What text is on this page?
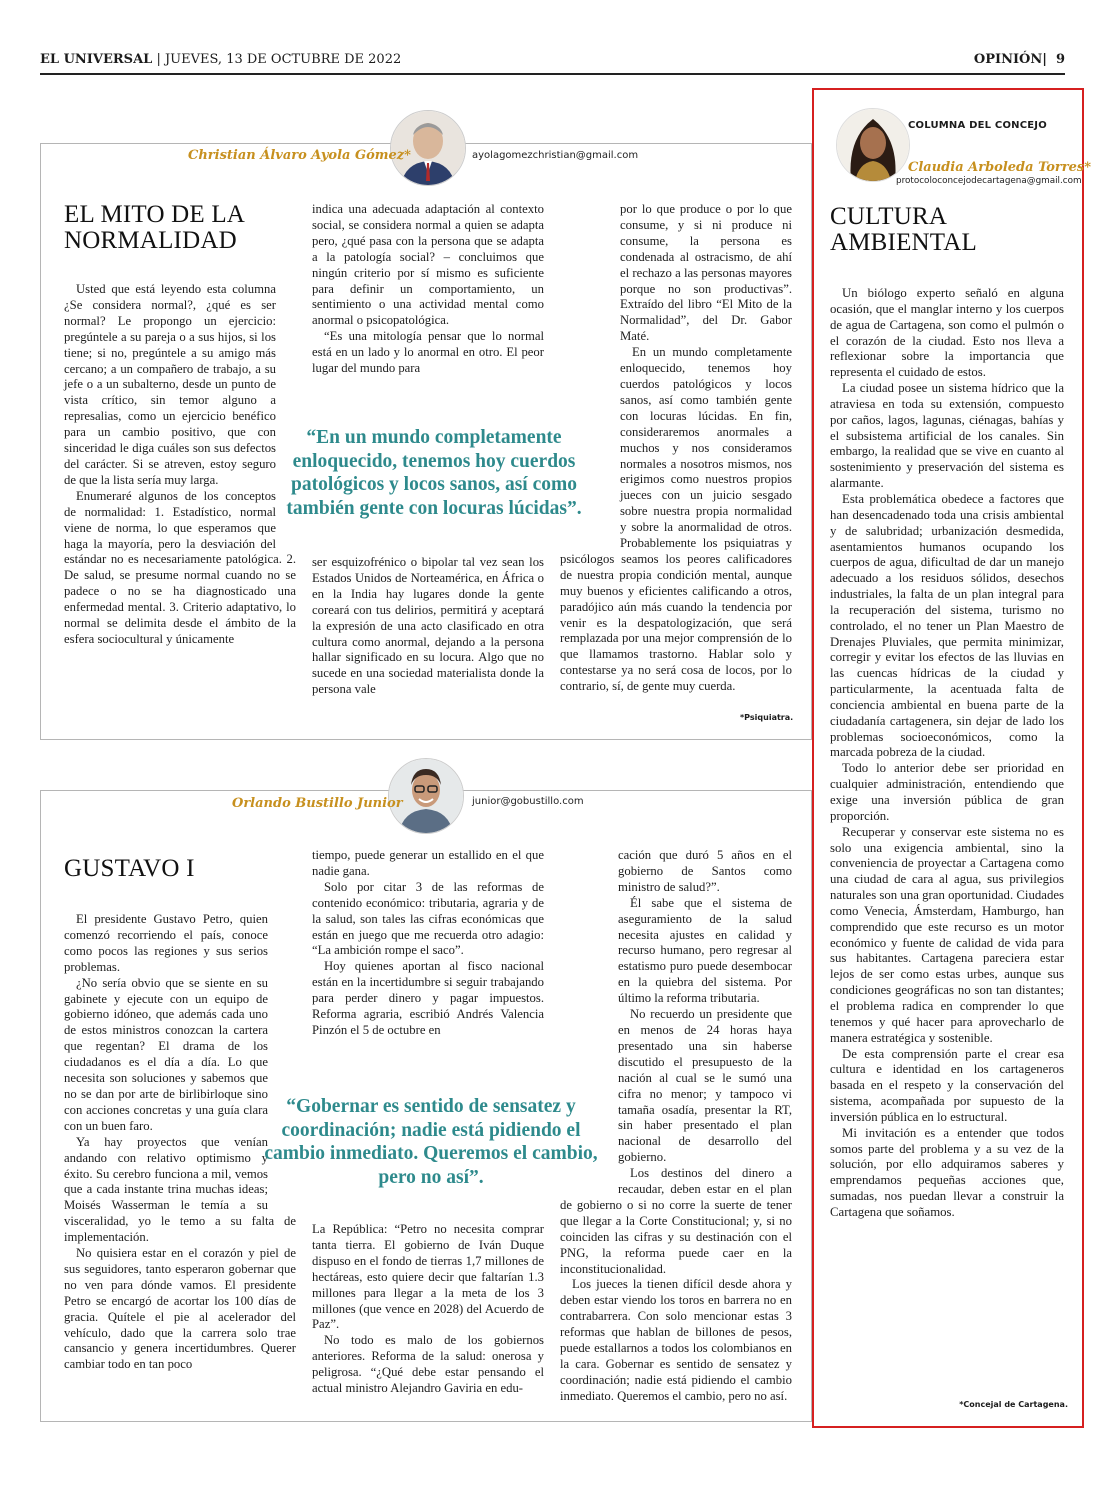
EL UNIVERSAL | JUEVES, 13 DE OCTUBRE DE 2022	OPINIÓN| 9
Christian Álvaro Ayola Gómez*	ayolagomezchristian@gmail.com
EL MITO DE LA
NORMALIDAD

Usted que está leyendo esta columna ¿Se considera normal?, ¿qué es ser normal? Le propongo un ejercicio: pregúntele a su pareja o a sus hijos, si los tiene; si no, pregúntele a su amigo más cercano; a un compañero de trabajo, a su jefe o a un subalterno, desde un punto de vista crítico, sin temor alguno a represalias, como un ejercicio benéfico para un cambio positivo, que con sinceridad le diga cuáles son sus defectos del carácter. Si se atreven, estoy seguro de que la lista sería muy larga.

Enumeraré algunos de los conceptos de normalidad: 1. Estadístico, normal viene de norma, lo que esperamos que haga la mayoría, pero la desviación del estándar no es necesariamente patológica. 2. De salud, se presume normal cuando no se padece o no se ha diagnosticado una enfermedad mental. 3. Criterio adaptativo, lo normal se delimita desde el ámbito de la esfera sociocultural y únicamente

indica una adecuada adaptación al contexto social, se considera normal a quien se adapta pero, ¿qué pasa con la persona que se adapta a la patología social? – concluimos que ningún criterio por sí mismo es suficiente para definir un comportamiento, un sentimiento o una actividad mental como anormal o psicopatológica.

“Es una mitología pensar que lo normal está en un lado y lo anormal en otro. El peor lugar del mundo para

“En un mundo completamente enloquecido, tenemos hoy cuerdos patológicos y locos sanos, así como también gente con locuras lúcidas”.

ser esquizofrénico o bipolar tal vez sean los Estados Unidos de Norteamérica, en África o en la India hay lugares donde la gente coreará con tus delirios, permitirá y aceptará la expresión de una acto clasificado en otra cultura como anormal, dejando a la persona hallar significado en su locura. Algo que no sucede en una sociedad materialista donde la persona vale

por lo que produce o por lo que consume, y si ni produce ni consume, la persona es condenada al ostracismo, de ahí el rechazo a las personas mayores porque no son productivas”. Extraído del libro “El Mito de la Normalidad”, del Dr. Gabor Maté.

En un mundo completamente enloquecido, tenemos hoy cuerdos patológicos y locos sanos, así como también gente con locuras lúcidas. En fin, consideraremos anormales a muchos y nos consideramos normales a nosotros mismos, nos erigimos como nuestros propios jueces con un juicio sesgado sobre nuestra propia normalidad y sobre la anormalidad de otros. Probablemente los psiquiatras y psicólogos seamos los peores calificadores de nuestra propia condición mental, aunque muy buenos y eficientes calificando a otros, paradójico aún más cuando la tendencia por venir es la despatologización, que será remplazada por una mejor comprensión de lo que llamamos trastorno. Hablar solo y contestarse ya no será cosa de locos, por lo contrario, sí, de gente muy cuerda.

*Psiquiatra.
Orlando Bustillo Junior	junior@gobustillo.com
GUSTAVO I

El presidente Gustavo Petro, quien comenzó recorriendo el país, conoce como pocos las regiones y sus serios problemas.

¿No sería obvio que se siente en su gabinete y ejecute con un equipo de gobierno idóneo, que además cada uno de estos ministros conozcan la cartera que regentan? El drama de los ciudadanos es el día a día. Lo que necesita son soluciones y sabemos que no se dan por arte de birlibirloque sino con acciones concretas y una guía clara con un buen faro.

Ya hay proyectos que venían andando con relativo optimismo y éxito. Su cerebro funciona a mil, vemos que a cada instante trina muchas ideas; Moisés Wasserman le temía a su visceralidad, yo le temo a su falta de implementación.

No quisiera estar en el corazón y piel de sus seguidores, tanto esperaron gobernar que no ven para dónde vamos. El presidente Petro se encargó de acortar los 100 días de gracia. Quítele el pie al acelerador del vehículo, dado que la carrera solo trae cansancio y genera incertidumbres. Querer cambiar todo en tan poco

tiempo, puede generar un estallido en el que nadie gana.

Solo por citar 3 de las reformas de contenido económico: tributaria, agraria y de la salud, son tales las cifras económicas que están en juego que me recuerda otro adagio: “La ambición rompe el saco”.

Hoy quienes aportan al fisco nacional están en la incertidumbre si seguir trabajando para perder dinero y pagar impuestos. Reforma agraria, escribió Andrés Valencia Pinzón el 5 de octubre en

“Gobernar es sentido de sensatez y coordinación; nadie está pidiendo el cambio inmediato. Queremos el cambio, pero no así”.

La República: “Petro no necesita comprar tanta tierra. El gobierno de Iván Duque dispuso en el fondo de tierras 1,7 millones de hectáreas, esto quiere decir que faltarían 1.3 millones para llegar a la meta de los 3 millones (que vence en 2028) del Acuerdo de Paz”.

No todo es malo de los gobiernos anteriores. Reforma de la salud: onerosa y peligrosa. “¿Qué debe estar pensando el actual ministro Alejandro Gaviria en edu-

cación que duró 5 años en el gobierno de Santos como ministro de salud?”.

Él sabe que el sistema de aseguramiento de la salud necesita ajustes en calidad y recurso humano, pero regresar al estatismo puro puede desembocar en la quiebra del sistema. Por último la reforma tributaria.

No recuerdo un presidente que en menos de 24 horas haya presentado una sin haberse discutido el presupuesto de la nación al cual se le sumó una cifra no menor; y tampoco vi tamaña osadía, presentar la RT, sin haber presentado el plan nacional de desarrollo del gobierno.

Los destinos del dinero a recaudar, deben estar en el plan de gobierno o si no corre la suerte de tener que llegar a la Corte Constitucional; y, si no coinciden las cifras y su destinación con el PNG, la reforma puede caer en la inconstitucionalidad.

Los jueces la tienen difícil desde ahora y deben estar viendo los toros en barrera no en contrabarrera. Con solo mencionar estas 3 reformas que hablan de billones de pesos, puede estallarnos a todos los colombianos en la cara. Gobernar es sentido de sensatez y coordinación; nadie está pidiendo el cambio inmediato. Queremos el cambio, pero no así.

COLUMNA DEL CONCEJO
Claudia Arboleda Torres*
protocoloconcejodecartagena@gmail.com
CULTURA
AMBIENTAL

Un biólogo experto señaló en alguna ocasión, que el manglar interno y los cuerpos de agua de Cartagena, son como el pulmón o el corazón de la ciudad. Esto nos lleva a reflexionar sobre la importancia que representa el cuidado de estos.

La ciudad posee un sistema hídrico que la atraviesa en toda su extensión, compuesto por caños, lagos, lagunas, ciénagas, bahías y el subsistema artificial de los canales. Sin embargo, la realidad que se vive en cuanto al sostenimiento y preservación del sistema es alarmante.

Esta problemática obedece a factores que han desencadenado toda una crisis ambiental y de salubridad; urbanización desmedida, asentamientos humanos ocupando los cuerpos de agua, dificultad de dar un manejo adecuado a los residuos sólidos, desechos industriales, la falta de un plan integral para la recuperación del sistema, turismo no controlado, el no tener un Plan Maestro de Drenajes Pluviales, que permita minimizar, corregir y evitar los efectos de las lluvias en las cuencas hídricas de la ciudad y particularmente, la acentuada falta de conciencia ambiental en buena parte de la ciudadanía cartagenera, sin dejar de lado los problemas socioeconómicos, como la marcada pobreza de la ciudad.

Todo lo anterior debe ser prioridad en cualquier administración, entendiendo que exige una inversión pública de gran proporción.

Recuperar y conservar este sistema no es solo una exigencia ambiental, sino la conveniencia de proyectar a Cartagena como una ciudad de cara al agua, sus privilegios naturales son una gran oportunidad. Ciudades como Venecia, Ámsterdam, Hamburgo, han comprendido que este recurso es un motor económico y fuente de calidad de vida para sus habitantes. Cartagena pareciera estar lejos de ser como estas urbes, aunque sus condiciones geográficas no son tan distantes; el problema radica en comprender lo que tenemos y qué hacer para aprovecharlo de manera estratégica y sostenible.

De esta comprensión parte el crear esa cultura e identidad en los cartageneros basada en el respeto y la conservación del sistema, acompañada por supuesto de la inversión pública en lo estructural.

Mi invitación es a entender que todos somos parte del problema y a su vez de la solución, por ello adquiramos saberes y emprendamos pequeñas acciones que, sumadas, nos puedan llevar a construir la Cartagena que soñamos.

*Concejal de Cartagena.
